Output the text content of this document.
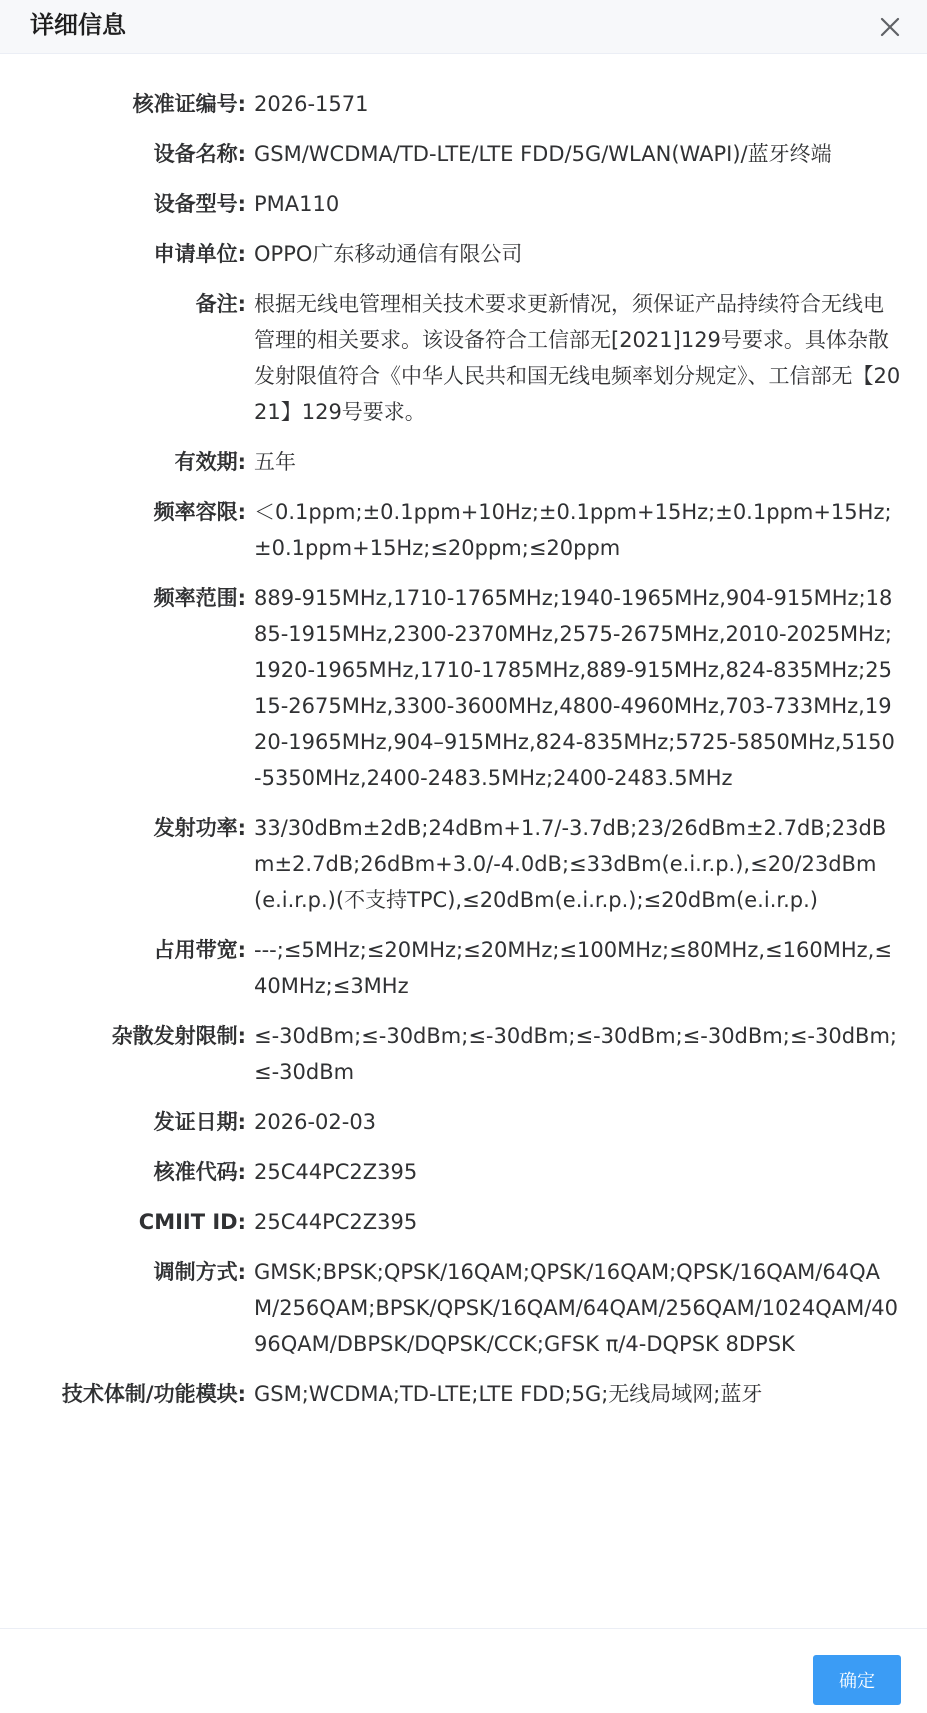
详细信息
核准证编号: 2026-1571
设备名称: GSM/WCDMA/TD-LTE/LTE FDD/5G/WLAN(WAPI)/蓝牙终端
设备型号: PMA110
申请单位: OPPO广东移动通信有限公司
备注: 根据无线电管理相关技术要求更新情况，须保证产品持续符合无线电管理的相关要求。该设备符合工信部无[2021]129号要求。具体杂散发射限值符合《中华人民共和国无线电频率划分规定》、工信部无【2021】129号要求。
有效期: 五年
频率容限: ＜0.1ppm;±0.1ppm+10Hz;±0.1ppm+15Hz;±0.1ppm+15Hz;±0.1ppm+15Hz;≤20ppm;≤20ppm
频率范围: 889-915MHz,1710-1765MHz;1940-1965MHz,904-915MHz;1885-1915MHz,2300-2370MHz,2575-2675MHz,2010-2025MHz;1920-1965MHz,1710-1785MHz,889-915MHz,824-835MHz;2515-2675MHz,3300-3600MHz,4800-4960MHz,703-733MHz,1920-1965MHz,904–915MHz,824-835MHz;5725-5850MHz,5150-5350MHz,2400-2483.5MHz;2400-2483.5MHz
发射功率: 33/30dBm±2dB;24dBm+1.7/-3.7dB;23/26dBm±2.7dB;23dBm±2.7dB;26dBm+3.0/-4.0dB;≤33dBm(e.i.r.p.),≤20/23dBm(e.i.r.p.)(不支持TPC),≤20dBm(e.i.r.p.);≤20dBm(e.i.r.p.)
占用带宽: ---;≤5MHz;≤20MHz;≤20MHz;≤100MHz;≤80MHz,≤160MHz,≤40MHz;≤3MHz
杂散发射限制: ≤-30dBm;≤-30dBm;≤-30dBm;≤-30dBm;≤-30dBm;≤-30dBm;≤-30dBm
发证日期: 2026-02-03
核准代码: 25C44PC2Z395
CMIIT ID: 25C44PC2Z395
调制方式: GMSK;BPSK;QPSK/16QAM;QPSK/16QAM;QPSK/16QAM/64QAM/256QAM;BPSK/QPSK/16QAM/64QAM/256QAM/1024QAM/4096QAM/DBPSK/DQPSK/CCK;GFSK π/4-DQPSK 8DPSK
技术体制/功能模块: GSM;WCDMA;TD-LTE;LTE FDD;5G;无线局域网;蓝牙
确定
